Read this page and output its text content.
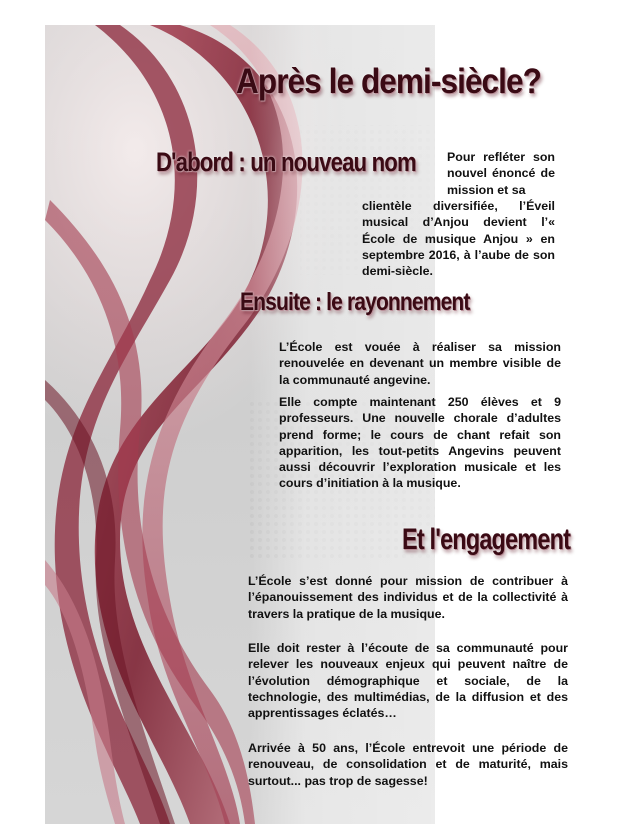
Après le demi-siècle?
D'abord : un nouveau nom	Pour refléter son nouvel énoncé de mission et sa

clientèle diversifiée, l’Éveil musical d’Anjou devient l’« École de musique Anjou » en septembre 2016, à l’aube de son demi-siècle.

Ensuite : le rayonnement

L’École est vouée à réaliser sa mission renouvelée en devenant un membre visible de la communauté angevine.

Elle compte maintenant 250 élèves et 9 professeurs. Une nouvelle chorale d’adultes prend forme; le cours de chant refait son apparition, les tout-petits Angevins peuvent aussi découvrir l’exploration musicale et les cours d’initiation à la musique.

Et l'engagement

L’École s’est donné pour mission de contribuer à l’épanouissement des individus et de la collectivité à travers la pratique de la musique.

Elle doit rester à l’écoute de sa communauté pour relever les nouveaux enjeux qui peuvent naître de l’évolution démographique et sociale, de la technologie, des multimédias, de la diffusion et des apprentissages éclatés…

Arrivée à 50 ans, l’École entrevoit une période de renouveau, de consolidation et de maturité, mais surtout... pas trop de sagesse!
